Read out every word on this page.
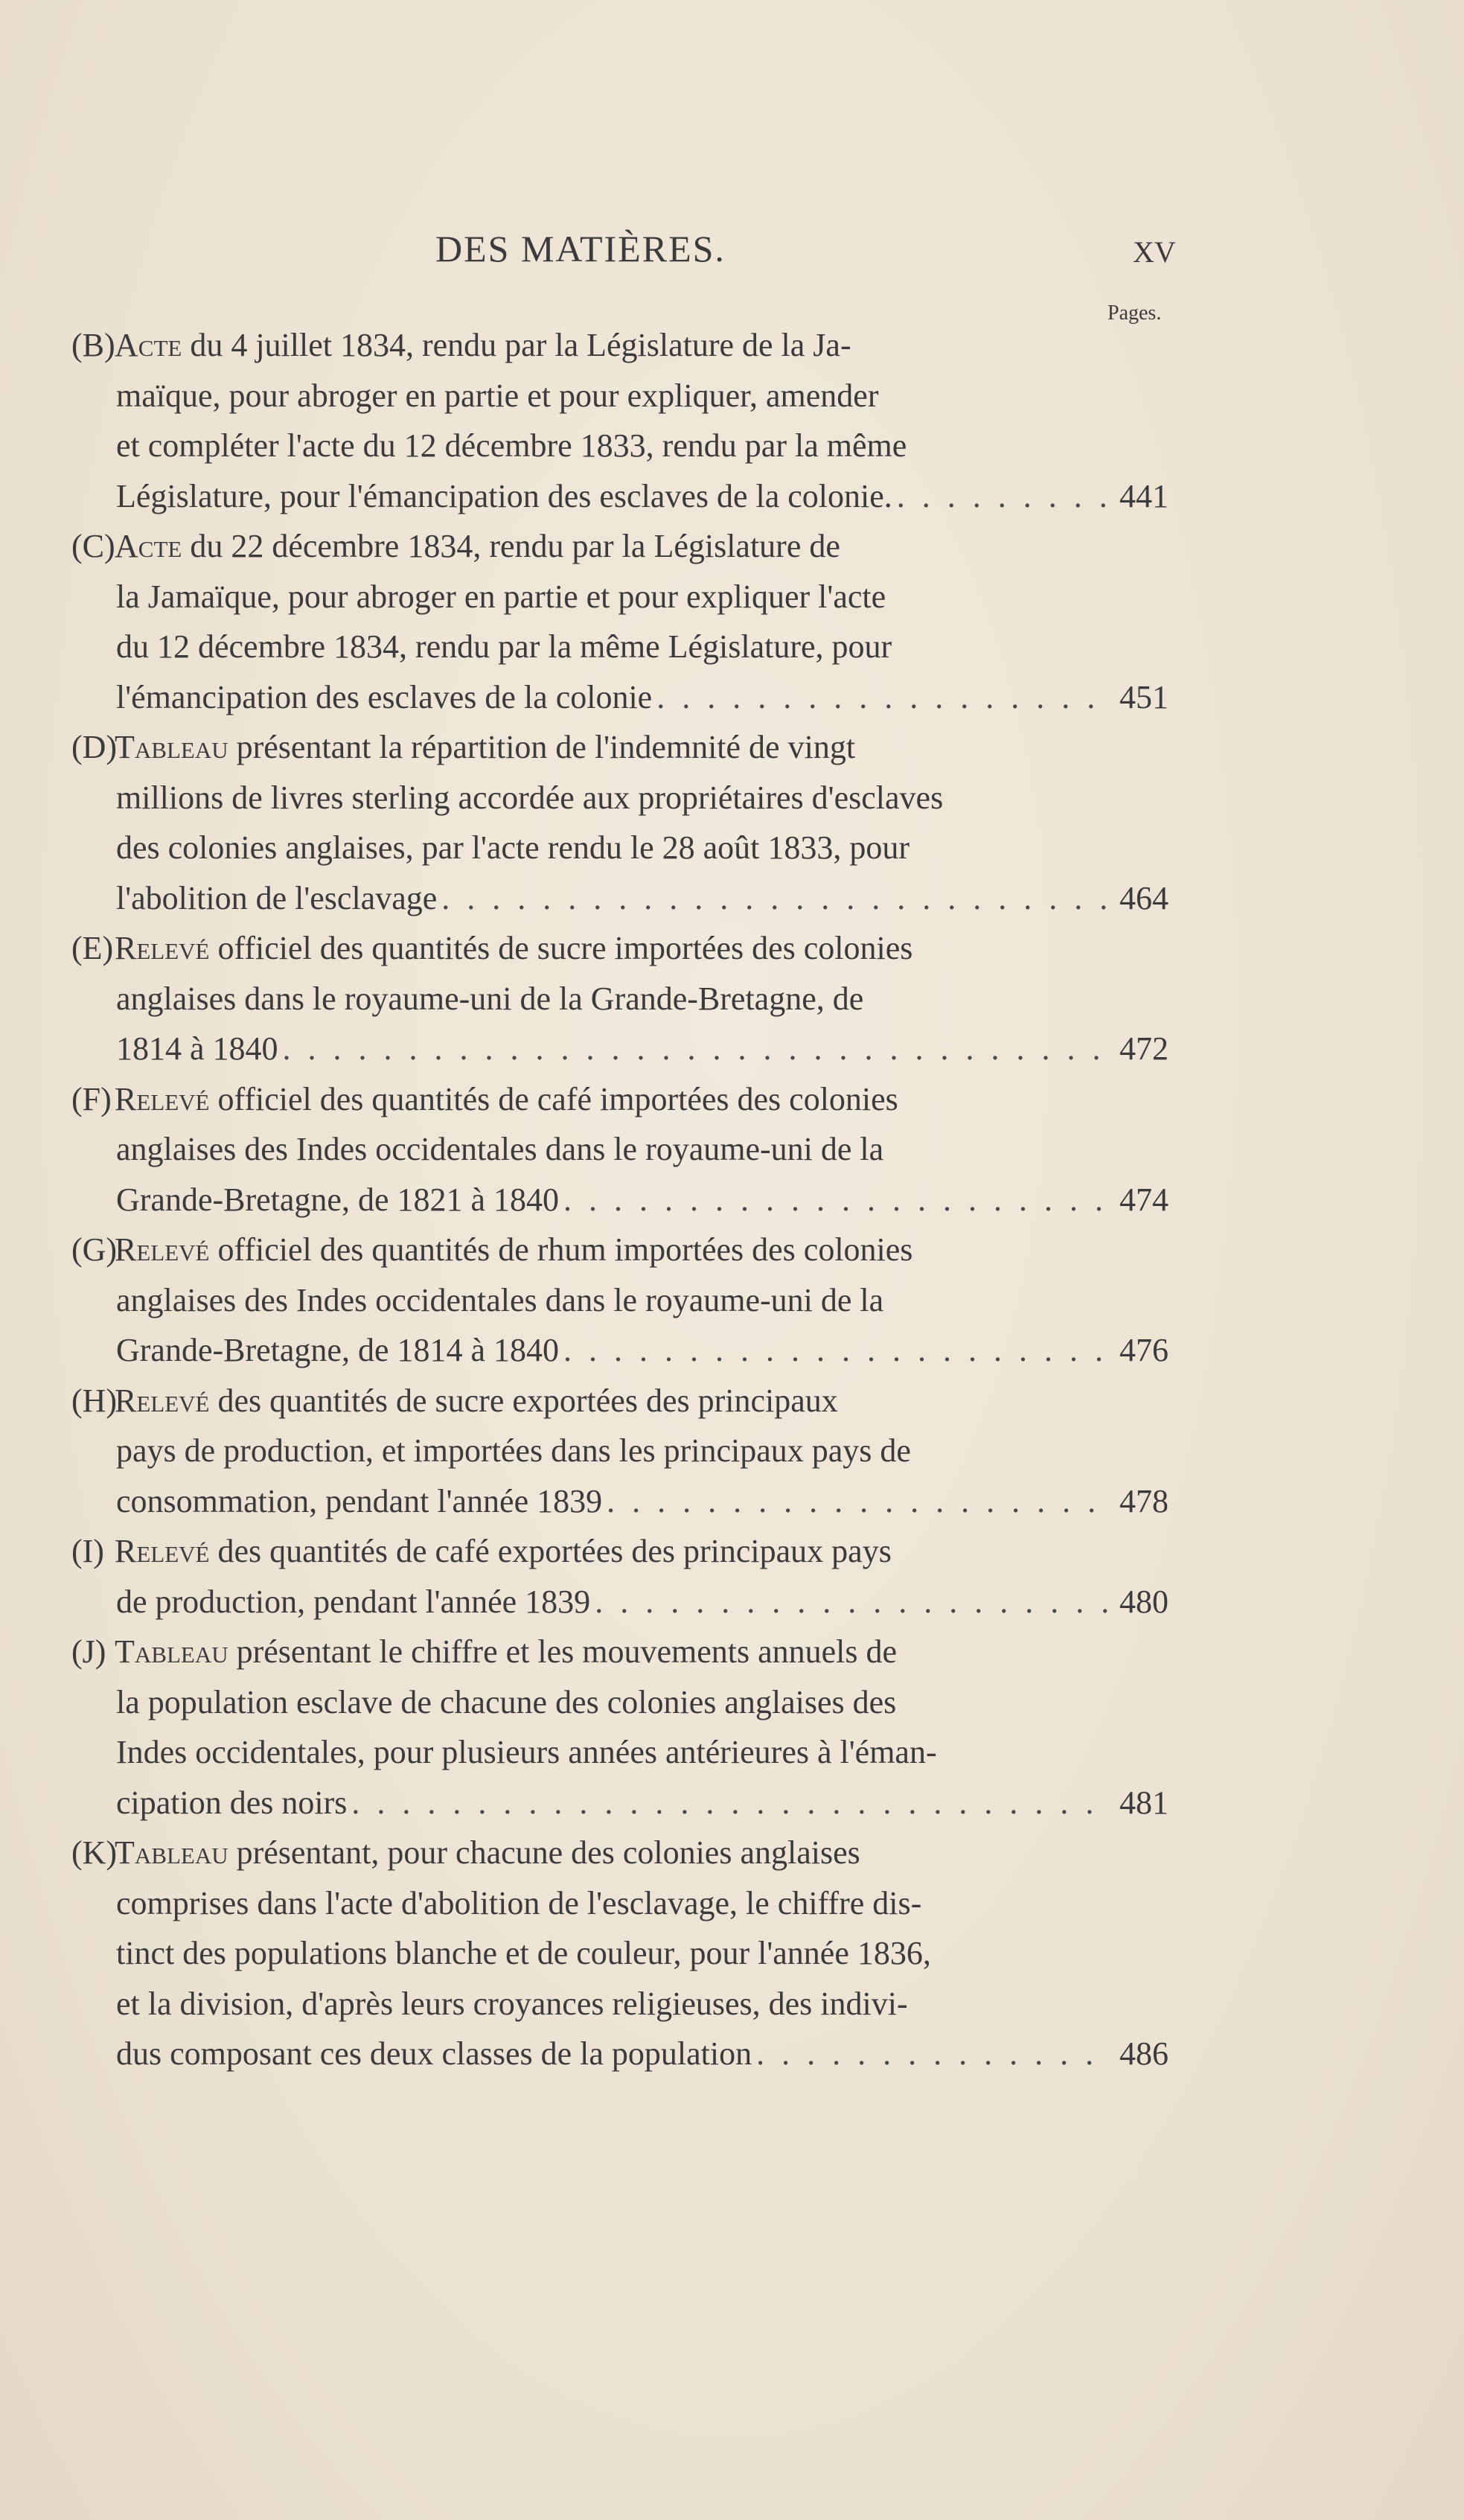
DES MATIÈRES.	XV
Pages.
(B)Acte du 4 juillet 1834, rendu par la Législature de la Ja-
maïque, pour abroger en partie et pour expliquer, amender
et compléter l'acte du 12 décembre 1833, rendu par la même
Législature, pour l'émancipation des esclaves de la colonie. . . .	441
(C)Acte du 22 décembre 1834, rendu par la Législature de
la Jamaïque, pour abroger en partie et pour expliquer l'acte
du 12 décembre 1834, rendu par la même Législature, pour
l'émancipation des esclaves de la colonie . . .	451
(D)Tableau présentant la répartition de l'indemnité de vingt
millions de livres sterling accordée aux propriétaires d'esclaves
des colonies anglaises, par l'acte rendu le 28 août 1833, pour
l'abolition de l'esclavage . . .	464
(E)Relevé officiel des quantités de sucre importées des colonies
anglaises dans le royaume-uni de la Grande-Bretagne, de
1814 à 1840 . . .	472
(F)Relevé officiel des quantités de café importées des colonies
anglaises des Indes occidentales dans le royaume-uni de la
Grande-Bretagne, de 1821 à 1840 . . .	474
(G)Relevé officiel des quantités de rhum importées des colonies
anglaises des Indes occidentales dans le royaume-uni de la
Grande-Bretagne, de 1814 à 1840 . . .	476
(H)Relevé des quantités de sucre exportées des principaux
pays de production, et importées dans les principaux pays de
consommation, pendant l'année 1839 . . .	478
(I) Relevé des quantités de café exportées des principaux pays
de production, pendant l'année 1839 . . .	480
(J) Tableau présentant le chiffre et les mouvements annuels de
la population esclave de chacune des colonies anglaises des
Indes occidentales, pour plusieurs années antérieures à l'éman-
cipation des noirs . . .	481
(K)Tableau présentant, pour chacune des colonies anglaises
comprises dans l'acte d'abolition de l'esclavage, le chiffre dis-
tinct des populations blanche et de couleur, pour l'année 1836,
et la division, d'après leurs croyances religieuses, des indivi-
dus composant ces deux classes de la population . . .	486
